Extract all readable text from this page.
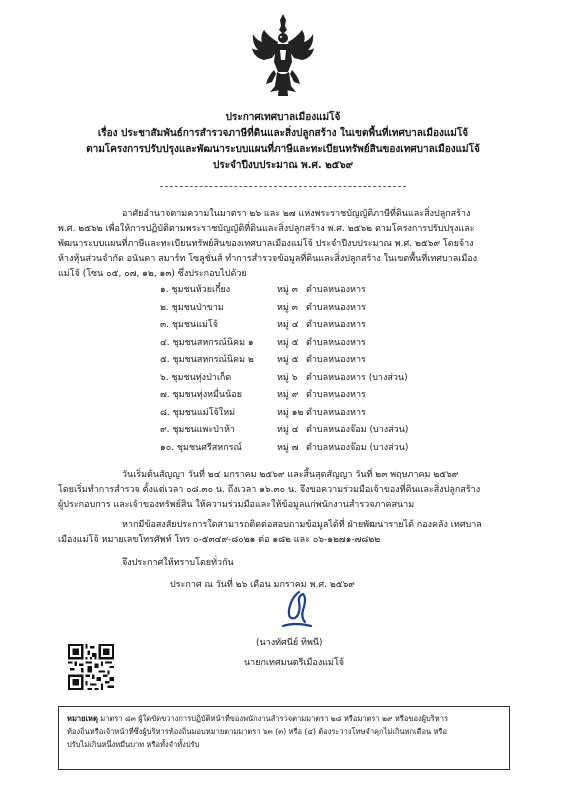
ประกาศเทศบาลเมืองแม่โจ้
เรื่อง ประชาสัมพันธ์การสำรวจภาษีที่ดินและสิ่งปลูกสร้าง ในเขตพื้นที่เทศบาลเมืองแม่โจ้
ตามโครงการปรับปรุงและพัฒนาระบบแผนที่ภาษีและทะเบียนทรัพย์สินของเทศบาลเมืองแม่โจ้
ประจำปีงบประมาณ พ.ศ. ๒๕๖๙
อาศัยอำนาจตามความในมาตรา ๒๖ และ ๒๗ แห่งพระราชบัญญัติภาษีที่ดินและสิ่งปลูกสร้าง
พ.ศ. ๒๕๖๒ เพื่อให้การปฏิบัติตามพระราชบัญญัติที่ดินและสิ่งปลูกสร้าง พ.ศ. ๒๕๖๒ ตามโครงการปรับปรุงและ
พัฒนาระบบแผนที่ภาษีและทะเบียนทรัพย์สินของเทศบาลเมืองแม่โจ้ ประจำปีงบประมาณ พ.ศ. ๒๕๖๙ โดยจ้าง
ห้างหุ้นส่วนจำกัด อนันดา สมาร์ท โซลูชั่นส์ ทำการสำรวจข้อมูลที่ดินและสิ่งปลูกสร้าง ในเขตพื้นที่เทศบาลเมือง
แม่โจ้ (โซน ๐๕, ๐๗, ๑๒, ๑๓) ซึ่งประกอบไปด้วย
๑. ชุมชนห้วยเกี๋ยง	หมู่ ๓ ตำบลหนองหาร
๒. ชุมชนป่าขาม	หมู่ ๓ ตำบลหนองหาร
๓. ชุมชนแม่โจ้	หมู่ ๔ ตำบลหนองหาร
๔. ชุมชนสหกรณ์นิคม ๑	หมู่ ๕ ตำบลหนองหาร
๕. ชุมชนสหกรณ์นิคม ๒	หมู่ ๕ ตำบลหนองหาร
๖. ชุมชนทุ่งป่าเก็ด	หมู่ ๖ ตำบลหนองหาร (บางส่วน)
๗. ชุมชนทุ่งหมื่นน้อย	หมู่ ๙ ตำบลหนองหาร
๘. ชุมชนแม่โจ้ใหม่	หมู่ ๑๒ ตำบลหนองหาร
๙. ชุมชนแพะป่าห้า	หมู่ ๔ ตำบลหนองจ๊อม (บางส่วน)
๑๐. ชุมชนศรีสหกรณ์	หมู่ ๗ ตำบลหนองจ๊อม (บางส่วน)
วันเริ่มต้นสัญญา วันที่ ๒๔ มกราคม ๒๕๖๙ และสิ้นสุดสัญญา วันที่ ๒๓ พฤษภาคม ๒๕๖๙
โดยเริ่มทำการสำรวจ ตั้งแต่เวลา ๐๘.๓๐ น. ถึงเวลา ๑๖.๓๐ น. จึงขอความร่วมมือเจ้าของที่ดินและสิ่งปลูกสร้าง
ผู้ประกอบการ และเจ้าของทรัพย์สิน ให้ความร่วมมือและให้ข้อมูลแก่พนักงานสำรวจภาคสนาม
หากมีข้อสงสัยประการใดสามารถติดต่อสอบถามข้อมูลได้ที่ ฝ่ายพัฒนารายได้ กองคลัง เทศบาล
เมืองแม่โจ้ หมายเลขโทรศัพท์ โทร ๐-๕๓๔๙-๘๐๒๑ ต่อ ๑๘๒ และ ๐๖-๑๒๗๑-๗๘๒๒
จึงประกาศให้ทราบโดยทั่วกัน
ประกาศ ณ วันที่ ๒๖ เดือน มกราคม พ.ศ. ๒๕๖๙
(นางทัศนีย์ ทิพนี)
นายกเทศมนตรีเมืองแม่โจ้
หมายเหตุ มาตรา ๘๓ ผู้ใดขัดขวางการปฏิบัติหน้าที่ของพนักงานสำรวจตามมาตรา ๒๘ หรือมาตรา ๒๙ หรือของผู้บริหาร
ท้องถิ่นหรือเจ้าหน้าที่ซึ่งผู้บริหารท้องถิ่นมอบหมายตามมาตรา ๖๓ (๓) หรือ (๔) ต้องระวางโทษจำคุกไม่เกินหกเดือน หรือ
ปรับไม่เกินหนึ่งหมื่นบาท หรือทั้งจำทั้งปรับ
